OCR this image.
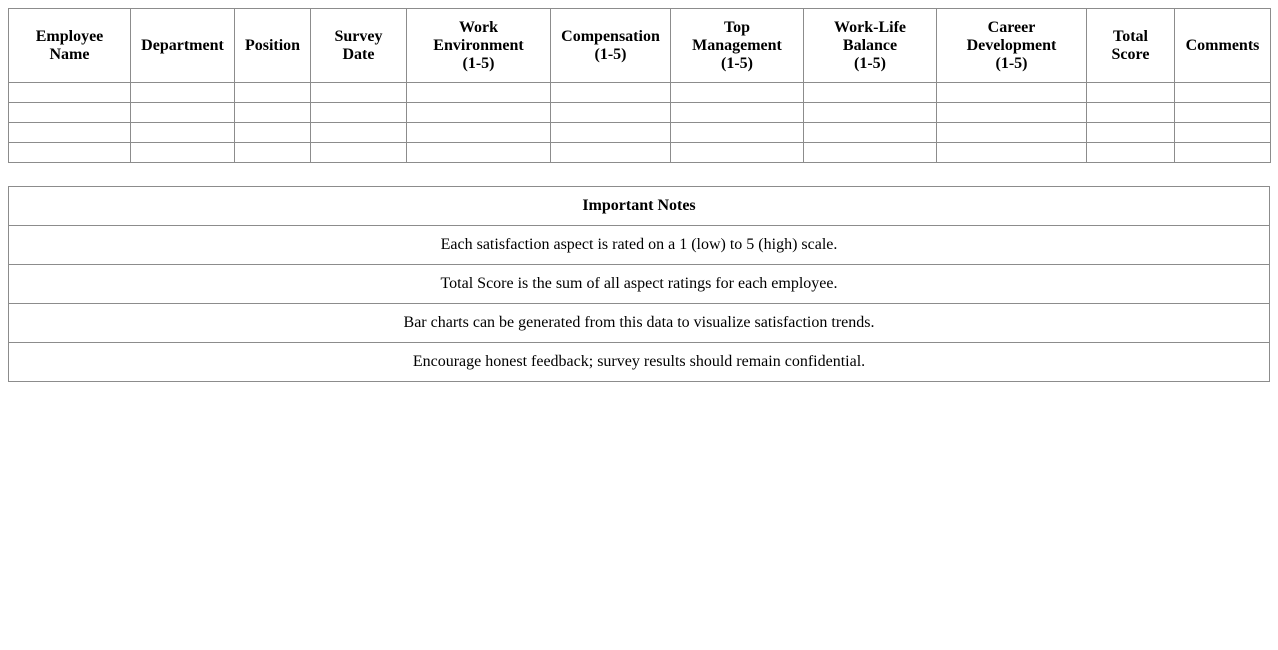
EmployeeName	Department	Position	SurveyDate	WorkEnvironment(1-5)	Compensation(1-5)	TopManagement(1-5)	Work-LifeBalance(1-5)	CareerDevelopment(1-5)	TotalScore	Comments

Important Notes
Each satisfaction aspect is rated on a 1 (low) to 5 (high) scale.
Total Score is the sum of all aspect ratings for each employee.
Bar charts can be generated from this data to visualize satisfaction trends.
Encourage honest feedback; survey results should remain confidential.
